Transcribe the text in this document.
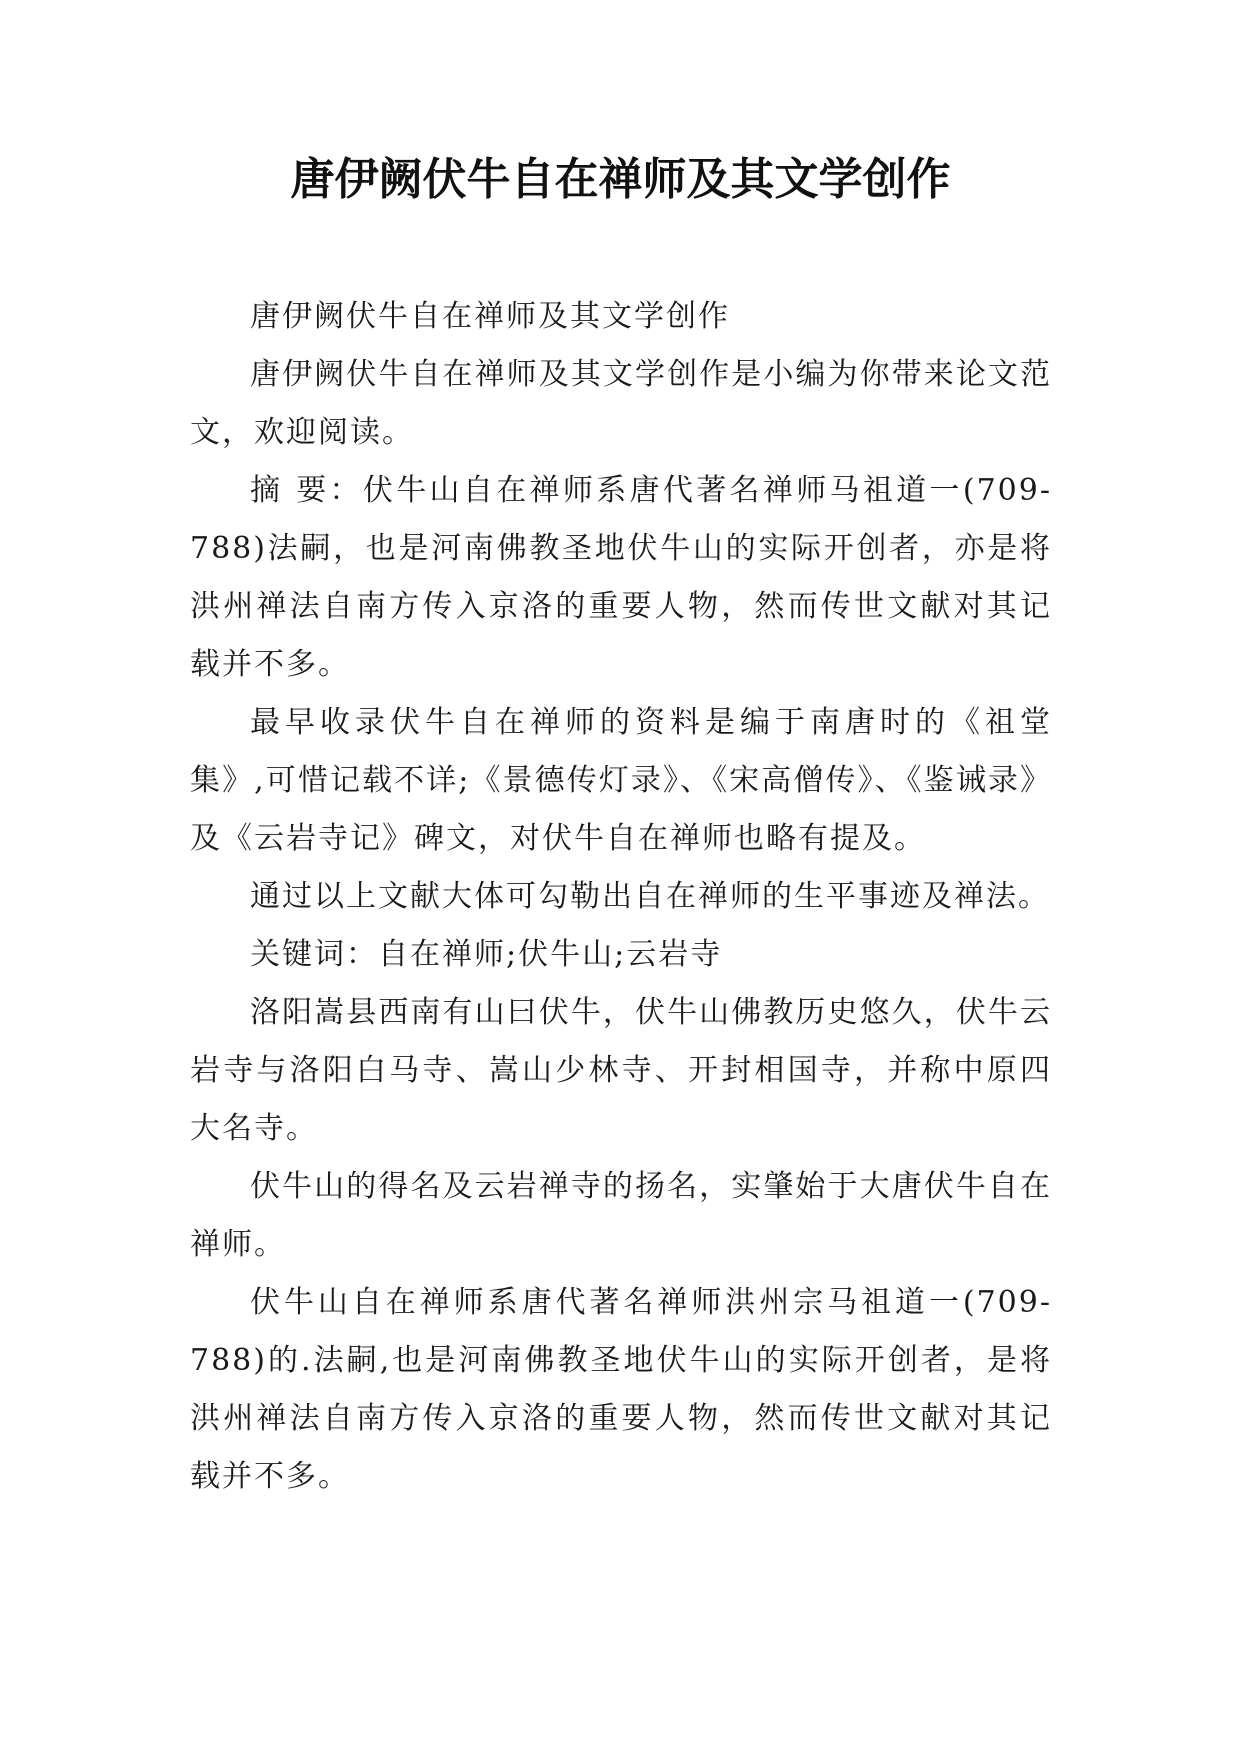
唐伊阙伏牛自在禅师及其文学创作

唐伊阙伏牛自在禅师及其文学创作

唐伊阙伏牛自在禅师及其文学创作是小编为你带来论文范文，欢迎阅读。

摘 要：伏牛山自在禅师系唐代著名禅师马祖道一(709-788)法嗣，也是河南佛教圣地伏牛山的实际开创者，亦是将洪州禅法自南方传入京洛的重要人物，然而传世文献对其记载并不多。

最早收录伏牛自在禅师的资料是编于南唐时的《祖堂集》,可惜记载不详;《景德传灯录》、《宋高僧传》、《鉴诫录》及《云岩寺记》碑文，对伏牛自在禅师也略有提及。

通过以上文献大体可勾勒出自在禅师的生平事迹及禅法。

关键词：自在禅师;伏牛山;云岩寺

洛阳嵩县西南有山曰伏牛，伏牛山佛教历史悠久，伏牛云岩寺与洛阳白马寺、嵩山少林寺、开封相国寺，并称中原四大名寺。

伏牛山的得名及云岩禅寺的扬名，实肇始于大唐伏牛自在禅师。

伏牛山自在禅师系唐代著名禅师洪州宗马祖道一(709-788)的.法嗣,也是河南佛教圣地伏牛山的实际开创者，是将洪州禅法自南方传入京洛的重要人物，然而传世文献对其记载并不多。
